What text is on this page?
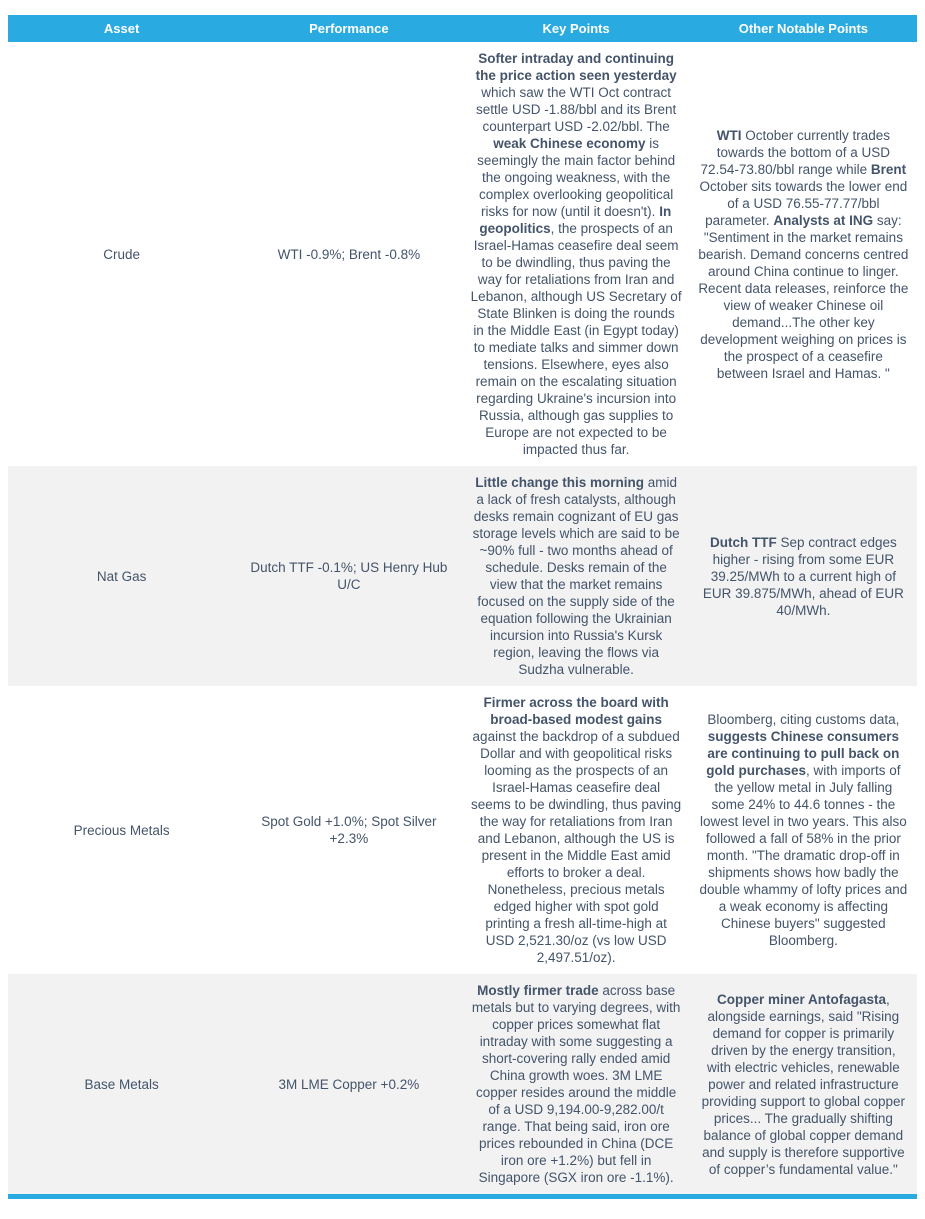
Asset	Performance	Key Points	Other Notable Points
Crude	WTI -0.9%; Brent -0.8%	Softer intraday and continuing the price action seen yesterday which saw the WTI Oct contract settle USD -1.88/bbl and its Brent counterpart USD -2.02/bbl. The weak Chinese economy is seemingly the main factor behind the ongoing weakness, with the complex overlooking geopolitical risks for now (until it doesn't). In geopolitics, the prospects of an Israel-Hamas ceasefire deal seem to be dwindling, thus paving the way for retaliations from Iran and Lebanon, although US Secretary of State Blinken is doing the rounds in the Middle East (in Egypt today) to mediate talks and simmer down tensions. Elsewhere, eyes also remain on the escalating situation regarding Ukraine's incursion into Russia, although gas supplies to Europe are not expected to be impacted thus far.	WTI October currently trades towards the bottom of a USD 72.54-73.80/bbl range while Brent October sits towards the lower end of a USD 76.55-77.77/bbl parameter. Analysts at ING say: "Sentiment in the market remains bearish. Demand concerns centred around China continue to linger. Recent data releases, reinforce the view of weaker Chinese oil demand...The other key development weighing on prices is the prospect of a ceasefire between Israel and Hamas. "
Nat Gas	Dutch TTF -0.1%; US Henry Hub U/C	Little change this morning amid a lack of fresh catalysts, although desks remain cognizant of EU gas storage levels which are said to be ~90% full - two months ahead of schedule. Desks remain of the view that the market remains focused on the supply side of the equation following the Ukrainian incursion into Russia's Kursk region, leaving the flows via Sudzha vulnerable.	Dutch TTF Sep contract edges higher - rising from some EUR 39.25/MWh to a current high of EUR 39.875/MWh, ahead of EUR 40/MWh.
Precious Metals	Spot Gold +1.0%; Spot Silver +2.3%	Firmer across the board with broad-based modest gains against the backdrop of a subdued Dollar and with geopolitical risks looming as the prospects of an Israel-Hamas ceasefire deal seems to be dwindling, thus paving the way for retaliations from Iran and Lebanon, although the US is present in the Middle East amid efforts to broker a deal. Nonetheless, precious metals edged higher with spot gold printing a fresh all-time-high at USD 2,521.30/oz (vs low USD 2,497.51/oz).	Bloomberg, citing customs data, suggests Chinese consumers are continuing to pull back on gold purchases, with imports of the yellow metal in July falling some 24% to 44.6 tonnes - the lowest level in two years. This also followed a fall of 58% in the prior month. "The dramatic drop-off in shipments shows how badly the double whammy of lofty prices and a weak economy is affecting Chinese buyers" suggested Bloomberg.
Base Metals	3M LME Copper +0.2%	Mostly firmer trade across base metals but to varying degrees, with copper prices somewhat flat intraday with some suggesting a short-covering rally ended amid China growth woes. 3M LME copper resides around the middle of a USD 9,194.00-9,282.00/t range. That being said, iron ore prices rebounded in China (DCE iron ore +1.2%) but fell in Singapore (SGX iron ore -1.1%).	Copper miner Antofagasta, alongside earnings, said "Rising demand for copper is primarily driven by the energy transition, with electric vehicles, renewable power and related infrastructure providing support to global copper prices... The gradually shifting balance of global copper demand and supply is therefore supportive of copper’s fundamental value."
